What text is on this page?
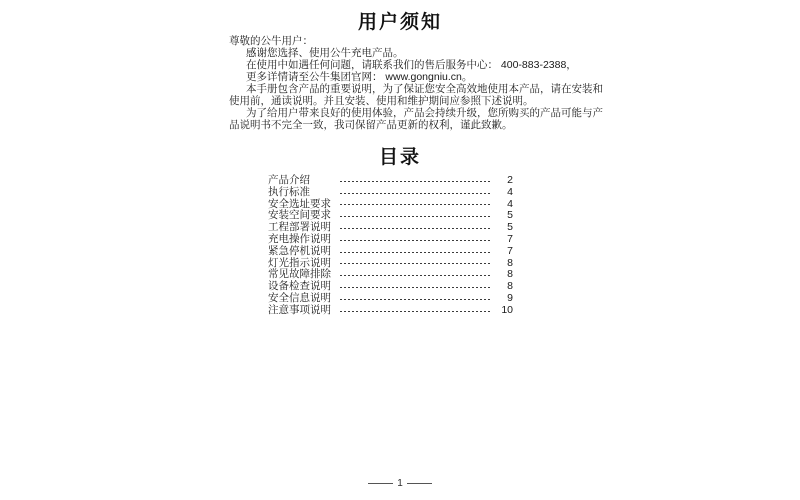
用户须知
尊敬的公牛用户：
感谢您选择、使用公牛充电产品。
在使用中如遇任何问题，请联系我们的售后服务中心： 400-883-2388，
更多详情请至公牛集团官网： www.gongniu.cn。
本手册包含产品的重要说明，为了保证您安全高效地使用本产品，请在安装和
使用前，通读说明。并且安装、使用和维护期间应参照下述说明。
为了给用户带来良好的使用体验，产品会持续升级，您所购买的产品可能与产
品说明书不完全一致，我司保留产品更新的权利，谨此致歉。
目录
产品介绍	2
执行标准	4
安全选址要求	4
安装空间要求	5
工程部署说明	5
充电操作说明	7
紧急停机说明	7
灯光指示说明	8
常见故障排除	8
设备检查说明	8
安全信息说明	9
注意事项说明	10
1
